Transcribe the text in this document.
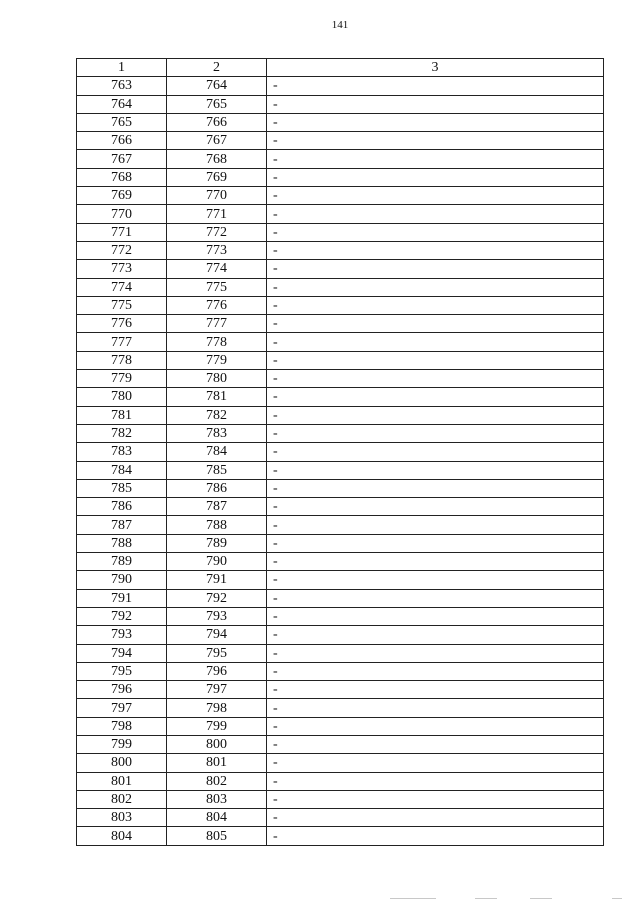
141
1	2	3
763	764	-
764	765	-
765	766	-
766	767	-
767	768	-
768	769	-
769	770	-
770	771	-
771	772	-
772	773	-
773	774	-
774	775	-
775	776	-
776	777	-
777	778	-
778	779	-
779	780	-
780	781	-
781	782	-
782	783	-
783	784	-
784	785	-
785	786	-
786	787	-
787	788	-
788	789	-
789	790	-
790	791	-
791	792	-
792	793	-
793	794	-
794	795	-
795	796	-
796	797	-
797	798	-
798	799	-
799	800	-
800	801	-
801	802	-
802	803	-
803	804	-
804	805	-
